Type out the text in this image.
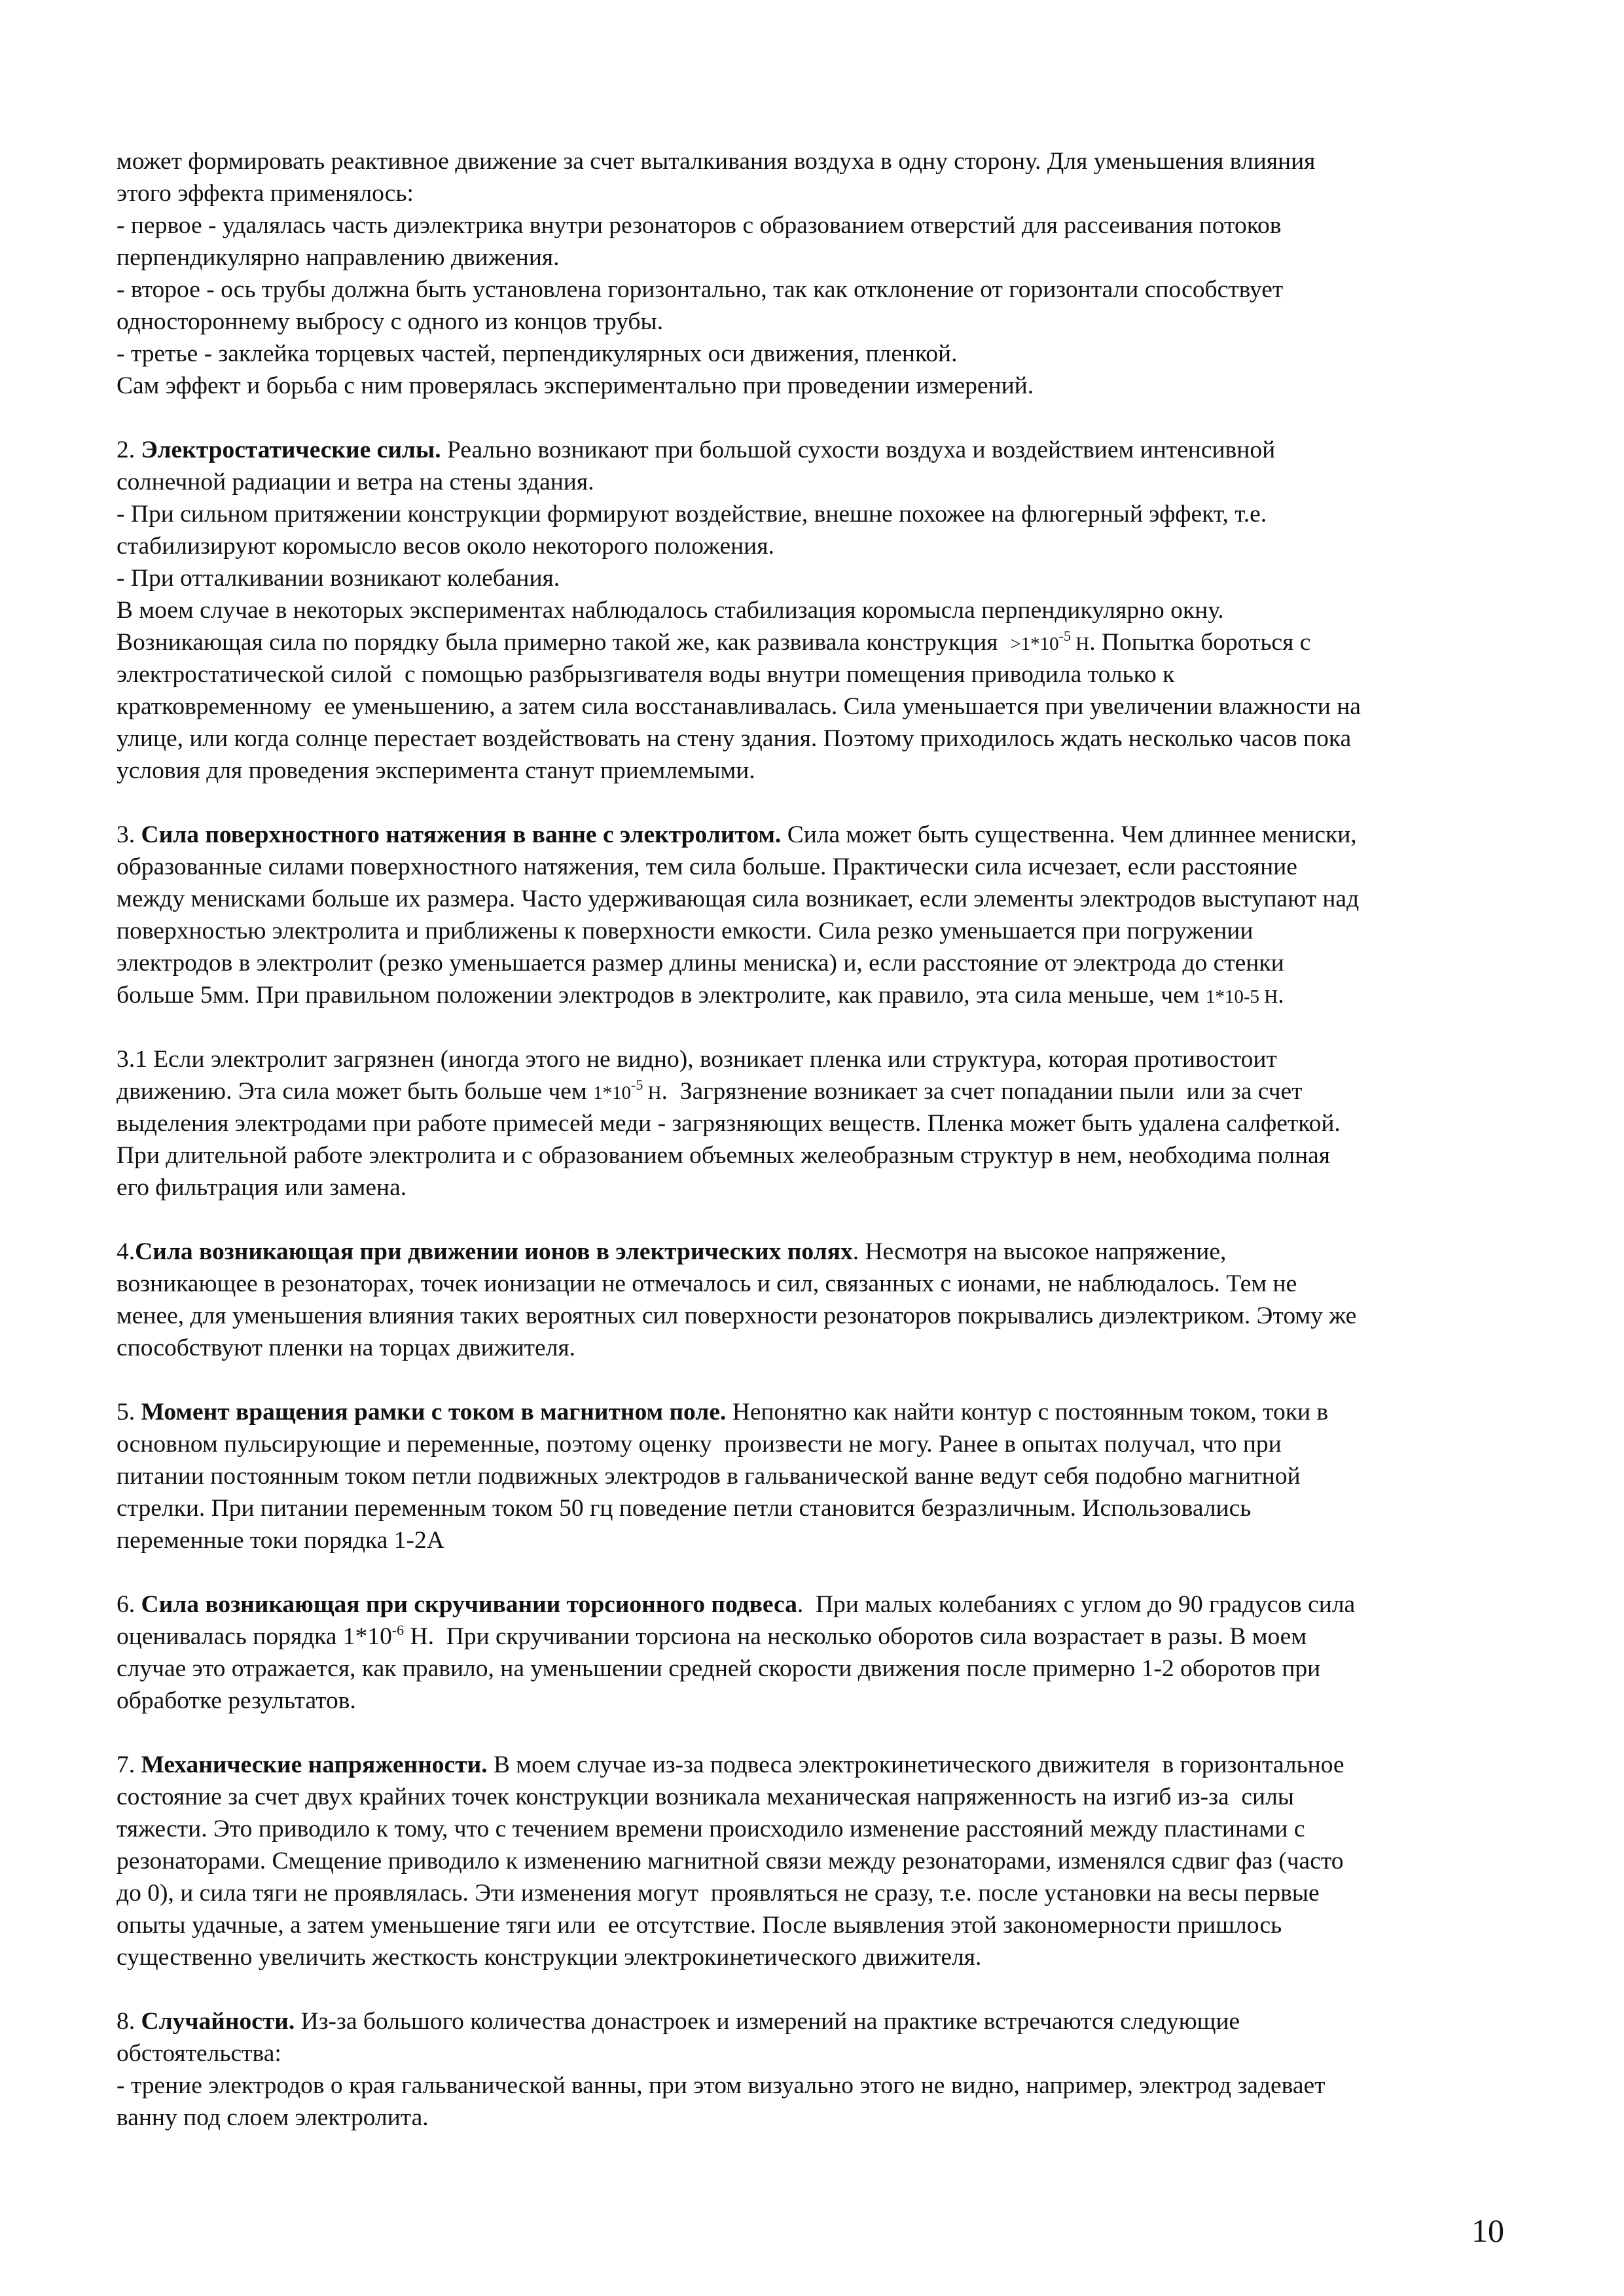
может формировать реактивное движение за счет выталкивания воздуха в одну сторону. Для уменьшения влияния
этого эффекта применялось:
- первое - удалялась часть диэлектрика внутри резонаторов с образованием отверстий для рассеивания потоков
перпендикулярно направлению движения.
- второе - ось трубы должна быть установлена горизонтально, так как отклонение от горизонтали способствует
одностороннему выбросу с одного из концов трубы.
- третье - заклейка торцевых частей, перпендикулярных оси движения, пленкой.
Сам эффект и борьба с ним проверялась экспериментально при проведении измерений.
2. Электростатические силы. Реально возникают при большой сухости воздуха и воздействием интенсивной
солнечной радиации и ветра на стены здания.
- При сильном притяжении конструкции формируют воздействие, внешне похожее на флюгерный эффект, т.е.
стабилизируют коромысло весов около некоторого положения.
- При отталкивании возникают колебания.
В моем случае в некоторых экспериментах наблюдалось стабилизация коромысла перпендикулярно окну.
Возникающая сила по порядку была примерно такой же, как развивала конструкция  $>1*10^{-5}$ Н. Попытка бороться с
электростатической силой  с помощью разбрызгивателя воды внутри помещения приводила только к
кратковременному  ее уменьшению, а затем сила восстанавливалась. Сила уменьшается при увеличении влажности на
улице, или когда солнце перестает воздействовать на стену здания. Поэтому приходилось ждать несколько часов пока
условия для проведения эксперимента станут приемлемыми.
3. Сила поверхностного натяжения в ванне с электролитом. Сила может быть существенна. Чем длиннее мениски,
образованные силами поверхностного натяжения, тем сила больше. Практически сила исчезает, если расстояние
между менисками больше их размера. Часто удерживающая сила возникает, если элементы электродов выступают над
поверхностью электролита и приближены к поверхности емкости. Сила резко уменьшается при погружении
электродов в электролит (резко уменьшается размер длины мениска) и, если расстояние от электрода до стенки
больше 5мм. При правильном положении электродов в электролите, как правило, эта сила меньше, чем 1*10-5 Н.
3.1 Если электролит загрязнен (иногда этого не видно), возникает пленка или структура, которая противостоит
движению. Эта сила может быть больше чем $1*10^{-5}$ Н.  Загрязнение возникает за счет попадании пыли  или за счет
выделения электродами при работе примесей меди - загрязняющих веществ. Пленка может быть удалена салфеткой.
При длительной работе электролита и с образованием объемных желеобразным структур в нем, необходима полная
его фильтрация или замена.
4.Сила возникающая при движении ионов в электрических полях. Несмотря на высокое напряжение,
возникающее в резонаторах, точек ионизации не отмечалось и сил, связанных с ионами, не наблюдалось. Тем не
менее, для уменьшения влияния таких вероятных сил поверхности резонаторов покрывались диэлектриком. Этому же
способствуют пленки на торцах движителя.
5. Момент вращения рамки с током в магнитном поле. Непонятно как найти контур с постоянным током, токи в
основном пульсирующие и переменные, поэтому оценку  произвести не могу. Ранее в опытах получал, что при
питании постоянным током петли подвижных электродов в гальванической ванне ведут себя подобно магнитной
стрелки. При питании переменным током 50 гц поведение петли становится безразличным. Использовались
переменные токи порядка 1-2А
6. Сила возникающая при скручивании торсионного подвеса.  При малых колебаниях с углом до 90 градусов сила
оценивалась порядка $1*10^{-6}$ Н.  При скручивании торсиона на несколько оборотов сила возрастает в разы. В моем
случае это отражается, как правило, на уменьшении средней скорости движения после примерно 1-2 оборотов при
обработке результатов.
7. Механические напряженности. В моем случае из-за подвеса электрокинетического движителя  в горизонтальное
состояние за счет двух крайних точек конструкции возникала механическая напряженность на изгиб из-за  силы
тяжести. Это приводило к тому, что с течением времени происходило изменение расстояний между пластинами с
резонаторами. Смещение приводило к изменению магнитной связи между резонаторами, изменялся сдвиг фаз (часто
до 0), и сила тяги не проявлялась. Эти изменения могут  проявляться не сразу, т.е. после установки на весы первые
опыты удачные, а затем уменьшение тяги или  ее отсутствие. После выявления этой закономерности пришлось
существенно увеличить жесткость конструкции электрокинетического движителя.
8. Случайности. Из-за большого количества донастроек и измерений на практике встречаются следующие
обстоятельства:
- трение электродов о края гальванической ванны, при этом визуально этого не видно, например, электрод задевает
ванну под слоем электролита.
10
